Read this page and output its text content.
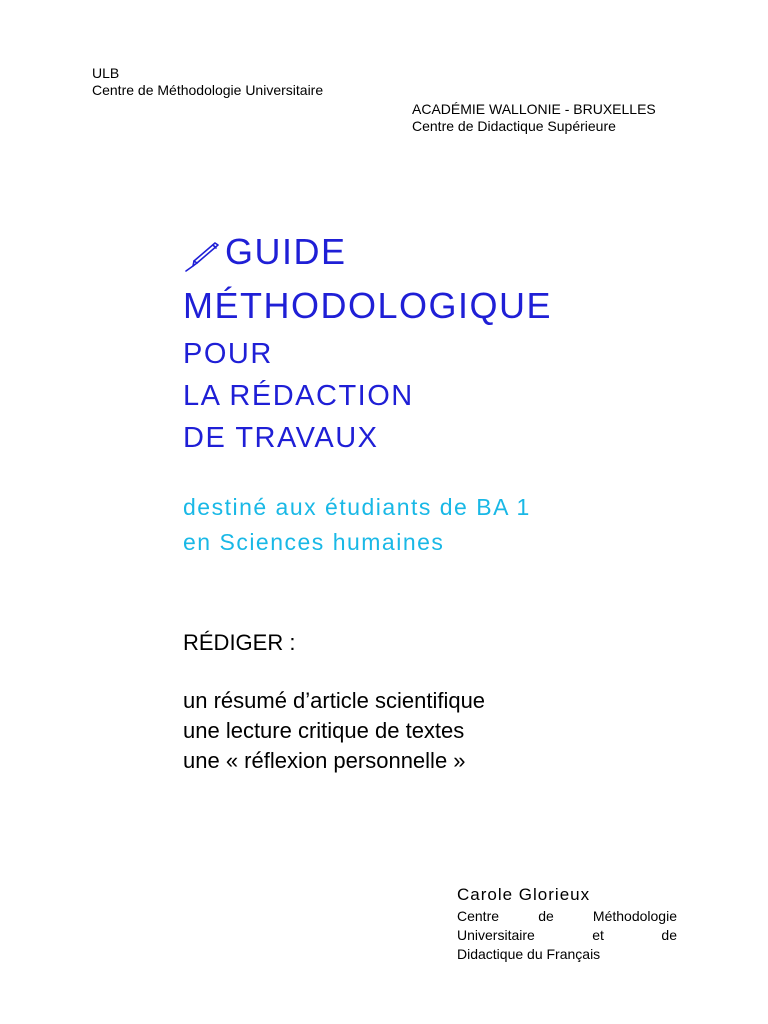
ULB
Centre de Méthodologie Universitaire
ACADÉMIE WALLONIE - BRUXELLES
Centre de Didactique Supérieure
GUIDE
MÉTHODOLOGIQUE
POUR
LA RÉDACTION
DE TRAVAUX
destiné aux étudiants de BA 1
en Sciences humaines
RÉDIGER :
un résumé d’article scientifique
une lecture critique de textes
une « réflexion personnelle »
Carole Glorieux
Centre	de	Méthodologie
Universitaire	et	de
Didactique du Français
